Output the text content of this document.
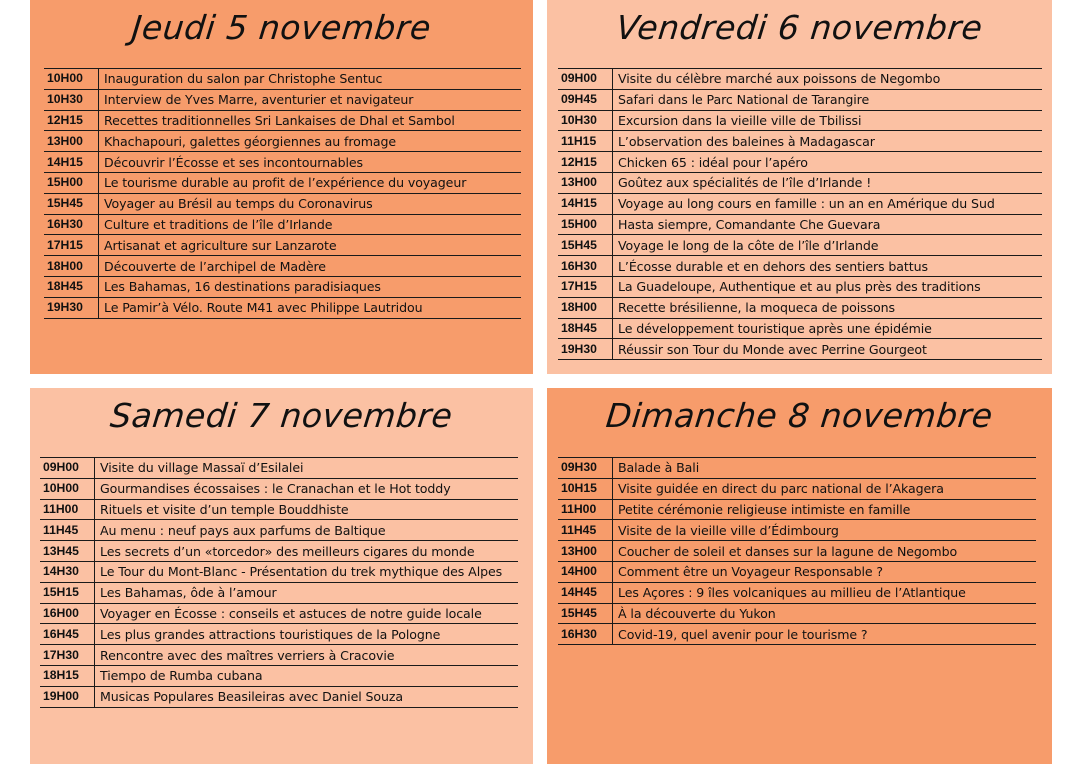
Jeudi 5 novembre
10H00	Inauguration du salon par Christophe Sentuc
10H30	Interview de Yves Marre, aventurier et navigateur
12H15	Recettes traditionnelles Sri Lankaises de Dhal et Sambol
13H00	Khachapouri, galettes géorgiennes au fromage
14H15	Découvrir l’Écosse et ses incontournables
15H00	Le tourisme durable au profit de l’expérience du voyageur
15H45	Voyager au Brésil au temps du Coronavirus
16H30	Culture et traditions de l’île d’Irlande
17H15	Artisanat et agriculture sur Lanzarote
18H00	Découverte de l’archipel de Madère
18H45	Les Bahamas, 16 destinations paradisiaques
19H30	Le Pamir’à Vélo. Route M41 avec Philippe Lautridou
Vendredi 6 novembre
09H00	Visite du célèbre marché aux poissons de Negombo
09H45	Safari dans le Parc National de Tarangire
10H30	Excursion dans la vieille ville de Tbilissi
11H15	L’observation des baleines à Madagascar
12H15	Chicken 65 : idéal pour l’apéro
13H00	Goûtez aux spécialités de l’île d’Irlande !
14H15	Voyage au long cours en famille : un an en Amérique du Sud
15H00	Hasta siempre, Comandante Che Guevara
15H45	Voyage le long de la côte de l’île d’Irlande
16H30	L’Écosse durable et en dehors des sentiers battus
17H15	La Guadeloupe, Authentique et au plus près des traditions
18H00	Recette brésilienne, la moqueca de poissons
18H45	Le développement touristique après une épidémie
19H30	Réussir son Tour du Monde avec Perrine Gourgeot
Samedi 7 novembre
09H00	Visite du village Massaï d’Esilalei
10H00	Gourmandises écossaises : le Cranachan et le Hot toddy
11H00	Rituels et visite d’un temple Bouddhiste
11H45	Au menu : neuf pays aux parfums de Baltique
13H45	Les secrets d’un «torcedor» des meilleurs cigares du monde
14H30	Le Tour du Mont-Blanc - Présentation du trek mythique des Alpes
15H15	Les Bahamas, ôde à l’amour
16H00	Voyager en Écosse : conseils et astuces de notre guide locale
16H45	Les plus grandes attractions touristiques de la Pologne
17H30	Rencontre avec des maîtres verriers à Cracovie
18H15	Tiempo de Rumba cubana
19H00	Musicas Populares Beasileiras avec Daniel Souza
Dimanche 8 novembre
09H30	Balade à Bali
10H15	Visite guidée en direct du parc national de l’Akagera
11H00	Petite cérémonie religieuse intimiste en famille
11H45	Visite de la vieille ville d’Édimbourg
13H00	Coucher de soleil et danses sur la lagune de Negombo
14H00	Comment être un Voyageur Responsable ?
14H45	Les Açores : 9 îles volcaniques au millieu de l’Atlantique
15H45	À la découverte du Yukon
16H30	Covid-19, quel avenir pour le tourisme ?
